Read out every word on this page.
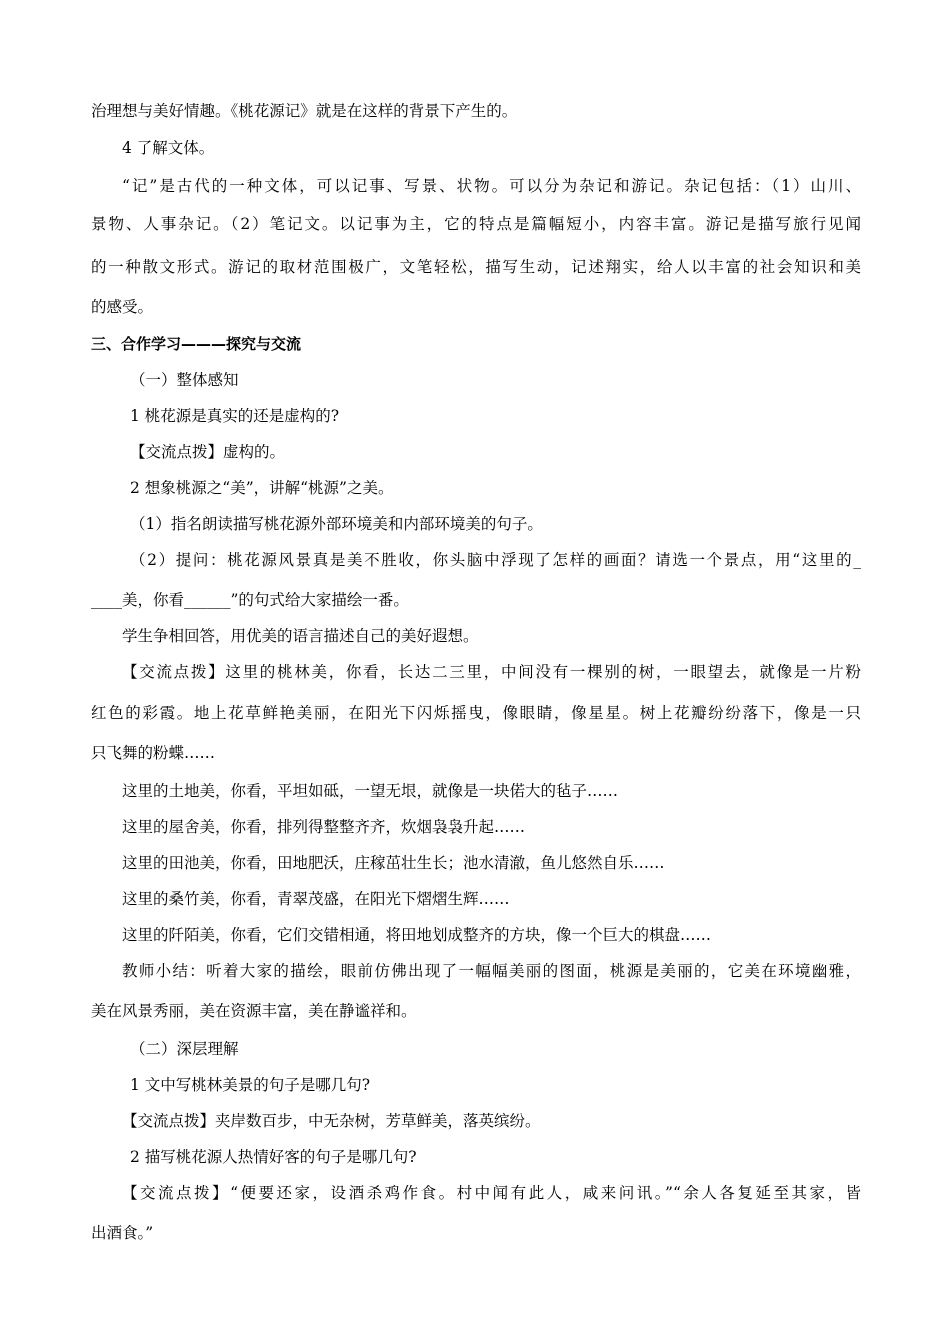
治理想与美好情趣。《桃花源记》就是在这样的背景下产生的。
4 了解文体。
“记”是古代的一种文体，可以记事、写景、状物。可以分为杂记和游记。杂记包括：（1）山川、
景物、人事杂记。（2）笔记文。以记事为主，它的特点是篇幅短小，内容丰富。游记是描写旅行见闻
的一种散文形式。游记的取材范围极广，文笔轻松，描写生动，记述翔实，给人以丰富的社会知识和美
的感受。
三、合作学习———探究与交流
（一）整体感知
1 桃花源是真实的还是虚构的?
【交流点拨】虚构的。
2 想象桃源之“美”，讲解“桃源”之美。
（1）指名朗读描写桃花源外部环境美和内部环境美的句子。
（2）提问：桃花源风景真是美不胜收，你头脑中浮现了怎样的画面？请选一个景点，用“这里的_
____美，你看______”的句式给大家描绘一番。
学生争相回答，用优美的语言描述自己的美好遐想。
【交流点拨】这里的桃林美，你看，长达二三里，中间没有一棵别的树，一眼望去，就像是一片粉
红色的彩霞。地上花草鲜艳美丽，在阳光下闪烁摇曳，像眼睛，像星星。树上花瓣纷纷落下，像是一只
只飞舞的粉蝶……
这里的土地美，你看，平坦如砥，一望无垠，就像是一块偌大的毡子……
这里的屋舍美，你看，排列得整整齐齐，炊烟袅袅升起……
这里的田池美，你看，田地肥沃，庄稼茁壮生长；池水清澈，鱼儿悠然自乐……
这里的桑竹美，你看，青翠茂盛，在阳光下熠熠生辉……
这里的阡陌美，你看，它们交错相通，将田地划成整齐的方块，像一个巨大的棋盘……
教师小结：听着大家的描绘，眼前仿佛出现了一幅幅美丽的图面，桃源是美丽的，它美在环境幽雅，
美在风景秀丽，美在资源丰富，美在静谧祥和。
（二）深层理解
1 文中写桃林美景的句子是哪几句?
【交流点拨】夹岸数百步，中无杂树，芳草鲜美，落英缤纷。
2 描写桃花源人热情好客的句子是哪几句?
【交流点拨】“便要还家，设酒杀鸡作食。村中闻有此人，咸来问讯。”“余人各复延至其家，皆
出酒食。”
